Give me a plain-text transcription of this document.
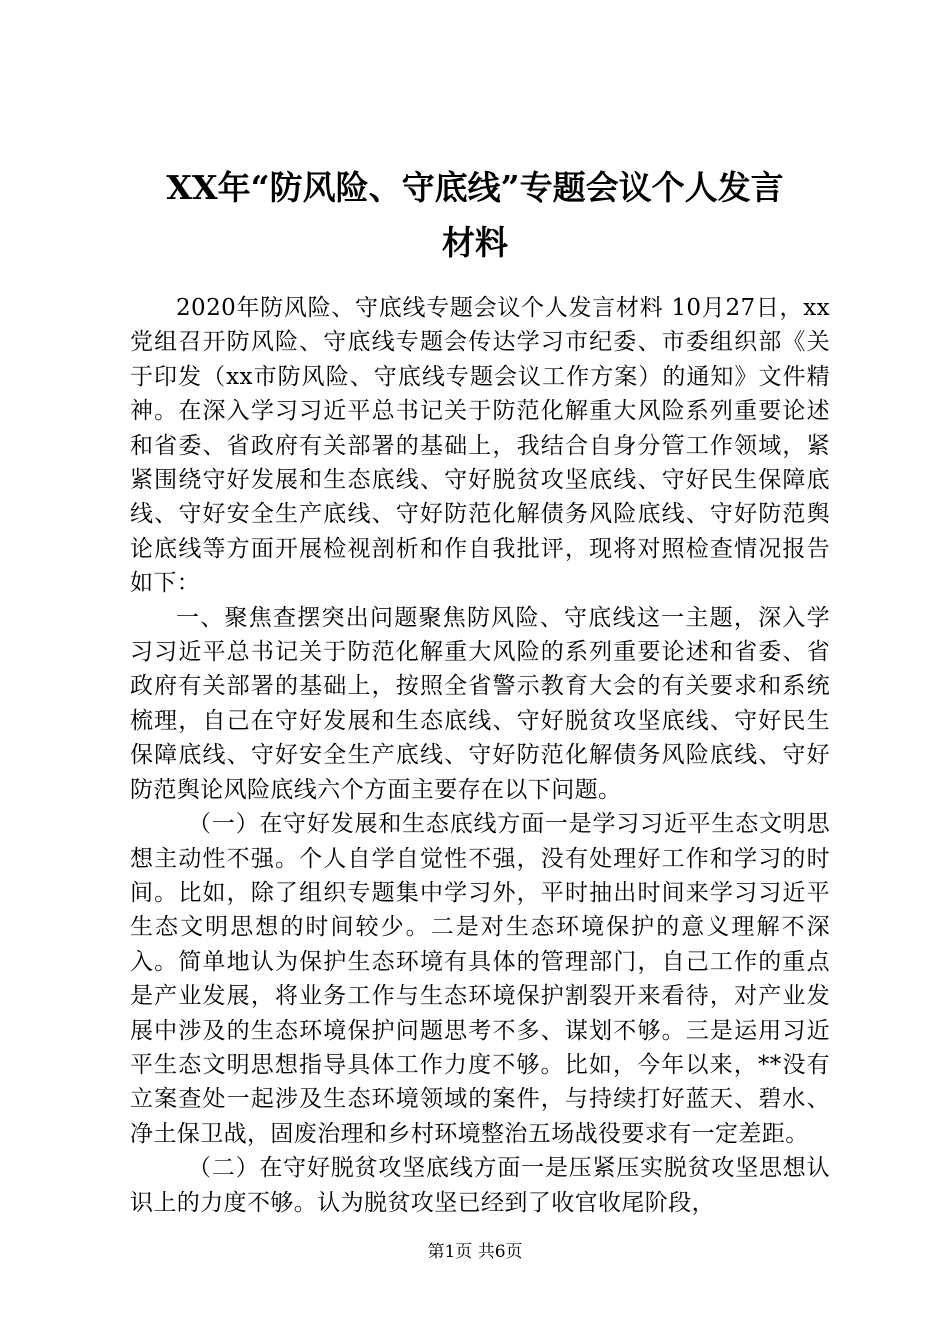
XX年“防风险、守底线”专题会议个人发言
材料

2020年防风险、守底线专题会议个人发言材料 10月27日，xx党组召开防风险、守底线专题会传达学习市纪委、市委组织部《关于印发（xx市防风险、守底线专题会议工作方案）的通知》文件精神。在深入学习习近平总书记关于防范化解重大风险系列重要论述和省委、省政府有关部署的基础上，我结合自身分管工作领域，紧紧围绕守好发展和生态底线、守好脱贫攻坚底线、守好民生保障底线、守好安全生产底线、守好防范化解债务风险底线、守好防范舆论底线等方面开展检视剖析和作自我批评，现将对照检查情况报告如下：

一、聚焦查摆突出问题聚焦防风险、守底线这一主题，深入学习习近平总书记关于防范化解重大风险的系列重要论述和省委、省政府有关部署的基础上，按照全省警示教育大会的有关要求和系统梳理，自己在守好发展和生态底线、守好脱贫攻坚底线、守好民生保障底线、守好安全生产底线、守好防范化解债务风险底线、守好防范舆论风险底线六个方面主要存在以下问题。

（一）在守好发展和生态底线方面一是学习习近平生态文明思想主动性不强。个人自学自觉性不强，没有处理好工作和学习的时间。比如，除了组织专题集中学习外，平时抽出时间来学习习近平生态文明思想的时间较少。二是对生态环境保护的意义理解不深入。简单地认为保护生态环境有具体的管理部门，自己工作的重点是产业发展，将业务工作与生态环境保护割裂开来看待，对产业发展中涉及的生态环境保护问题思考不多、谋划不够。三是运用习近平生态文明思想指导具体工作力度不够。比如，今年以来，**没有立案查处一起涉及生态环境领域的案件，与持续打好蓝天、碧水、净土保卫战，固废治理和乡村环境整治五场战役要求有一定差距。

（二）在守好脱贫攻坚底线方面一是压紧压实脱贫攻坚思想认识上的力度不够。认为脱贫攻坚已经到了收官收尾阶段，

第1页 共6页
